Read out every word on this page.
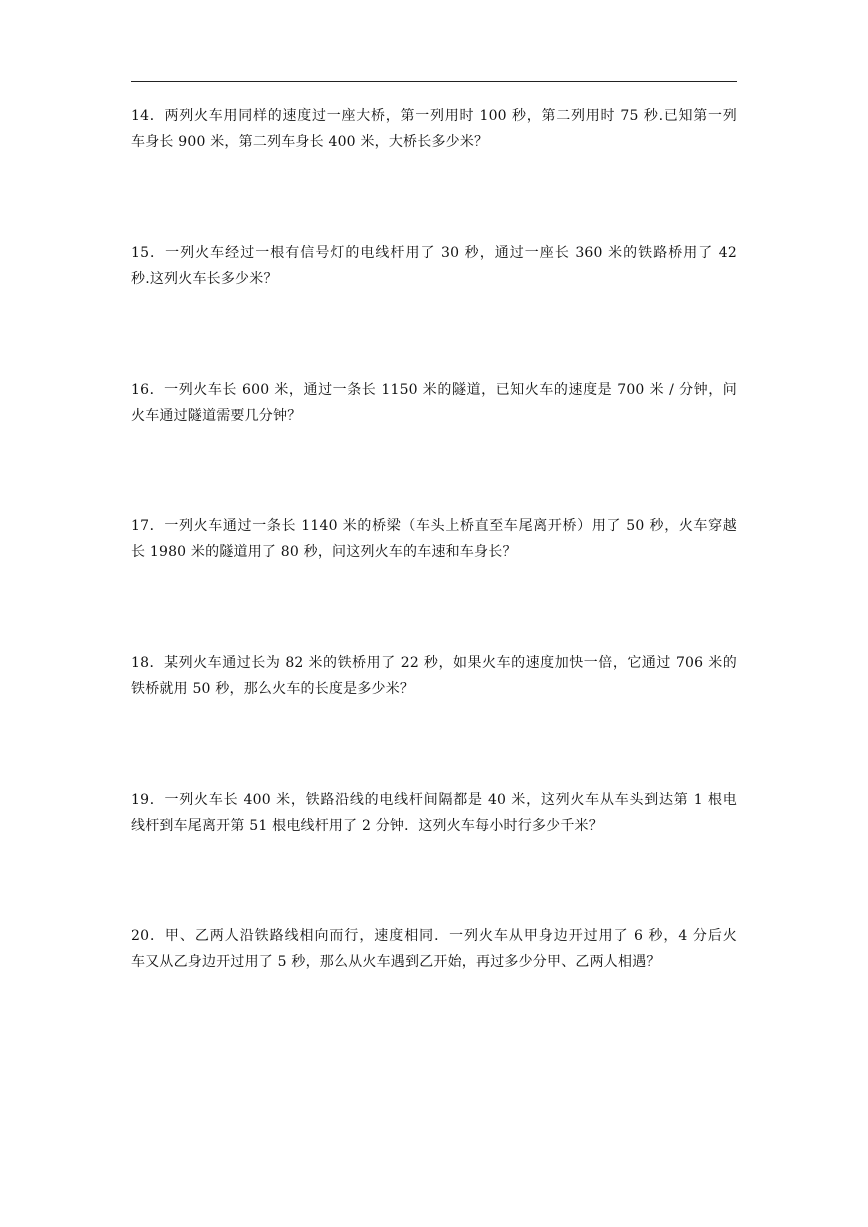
14．两列火车用同样的速度过一座大桥，第一列用时 100 秒，第二列用时 75 秒.已知第一列
车身长 900 米，第二列车身长 400 米，大桥长多少米？
15．一列火车经过一根有信号灯的电线杆用了 30 秒，通过一座长 360 米的铁路桥用了 42
秒.这列火车长多少米？
16．一列火车长 600 米，通过一条长 1150 米的隧道，已知火车的速度是 700 米 / 分钟，问
火车通过隧道需要几分钟？
17．一列火车通过一条长 1140 米的桥梁（车头上桥直至车尾离开桥）用了 50 秒，火车穿越
长 1980 米的隧道用了 80 秒，问这列火车的车速和车身长？
18．某列火车通过长为 82 米的铁桥用了 22 秒，如果火车的速度加快一倍，它通过 706 米的
铁桥就用 50 秒，那么火车的长度是多少米？
19．一列火车长 400 米，铁路沿线的电线杆间隔都是 40 米，这列火车从车头到达第 1 根电
线杆到车尾离开第 51 根电线杆用了 2 分钟．这列火车每小时行多少千米？
20．甲、乙两人沿铁路线相向而行，速度相同．一列火车从甲身边开过用了 6 秒，4 分后火
车又从乙身边开过用了 5 秒，那么从火车遇到乙开始，再过多少分甲、乙两人相遇？
